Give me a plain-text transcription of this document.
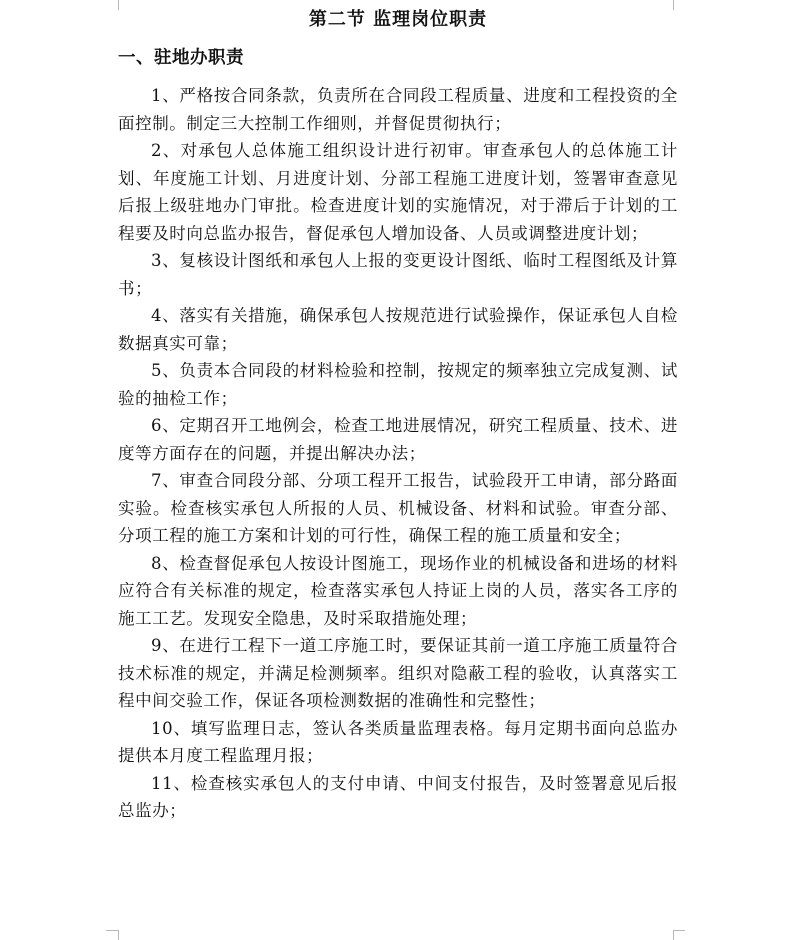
第二节 监理岗位职责
一、驻地办职责

1、严格按合同条款，负责所在合同段工程质量、进度和工程投资的全面控制。制定三大控制工作细则，并督促贯彻执行；

2、对承包人总体施工组织设计进行初审。审查承包人的总体施工计划、年度施工计划、月进度计划、分部工程施工进度计划，签署审查意见后报上级驻地办门审批。检查进度计划的实施情况，对于滞后于计划的工程要及时向总监办报告，督促承包人增加设备、人员或调整进度计划；

3、复核设计图纸和承包人上报的变更设计图纸、临时工程图纸及计算书；

4、落实有关措施，确保承包人按规范进行试验操作，保证承包人自检数据真实可靠；

5、负责本合同段的材料检验和控制，按规定的频率独立完成复测、试验的抽检工作；

6、定期召开工地例会，检查工地进展情况，研究工程质量、技术、进度等方面存在的问题，并提出解决办法；

7、审查合同段分部、分项工程开工报告，试验段开工申请，部分路面实验。检查核实承包人所报的人员、机械设备、材料和试验。审查分部、分项工程的施工方案和计划的可行性，确保工程的施工质量和安全；

8、检查督促承包人按设计图施工，现场作业的机械设备和进场的材料应符合有关标准的规定，检查落实承包人持证上岗的人员，落实各工序的施工工艺。发现安全隐患，及时采取措施处理；

9、在进行工程下一道工序施工时，要保证其前一道工序施工质量符合技术标准的规定，并满足检测频率。组织对隐蔽工程的验收，认真落实工程中间交验工作，保证各项检测数据的准确性和完整性；

10、填写监理日志，签认各类质量监理表格。每月定期书面向总监办提供本月度工程监理月报；

11、检查核实承包人的支付申请、中间支付报告，及时签署意见后报总监办；
